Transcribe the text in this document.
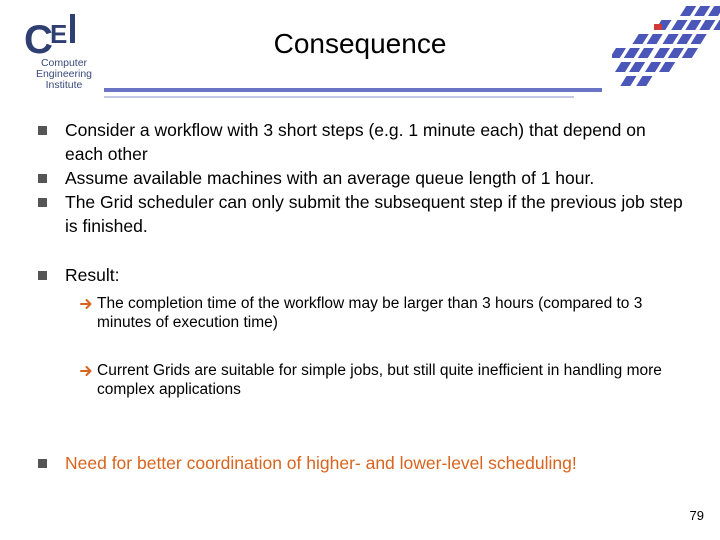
C
E
Computer
Engineering
Institute
Consequence
Consider a workflow with 3 short steps (e.g. 1 minute each) that depend on each other
Assume available machines with an average queue length of 1 hour.
The Grid scheduler can only submit the subsequent step if the previous job step is finished.
Result:
The completion time of the workflow may be larger than 3 hours (compared to 3 minutes of execution time)
Current Grids are suitable for simple jobs, but still quite inefficient in handling more complex applications
Need for better coordination of higher- and lower-level scheduling!
79
